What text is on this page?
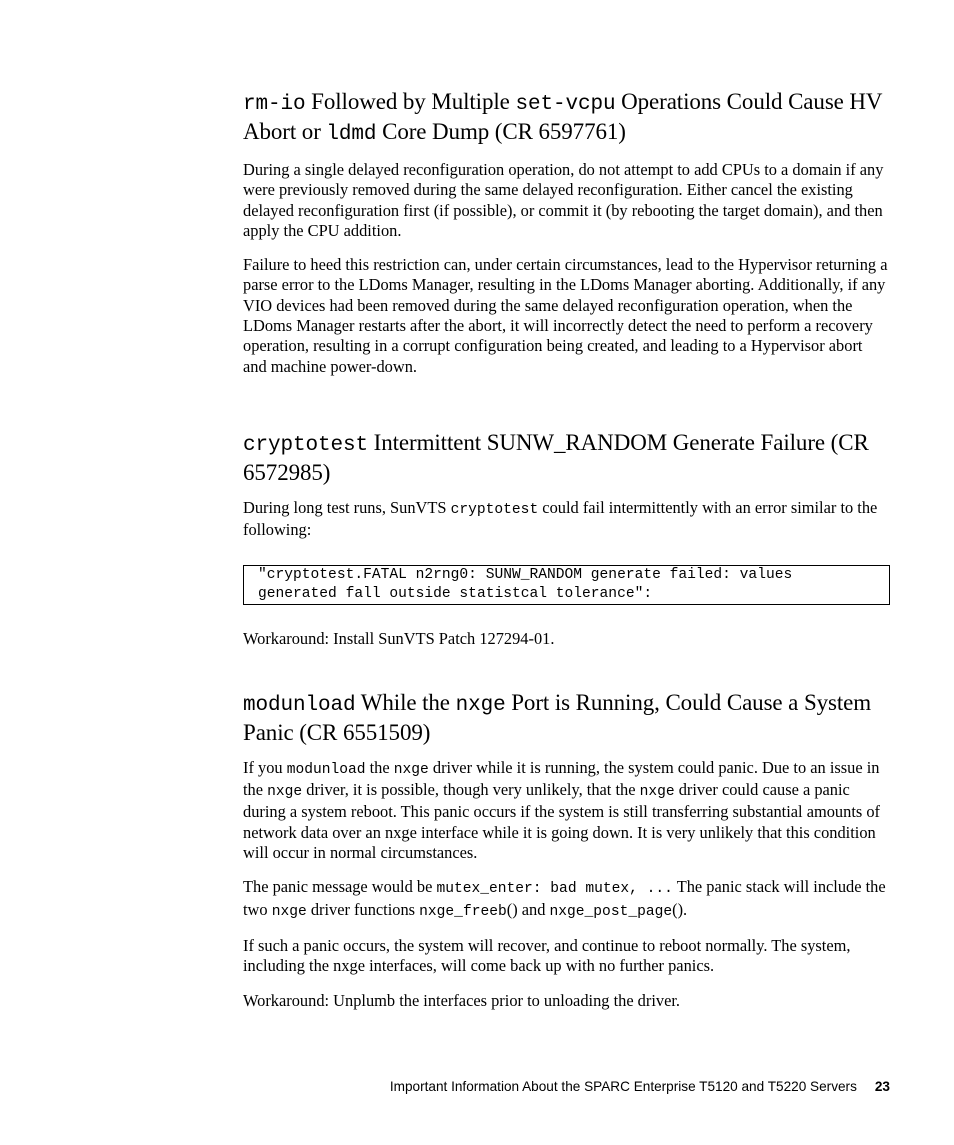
rm-io Followed by Multiple set-vcpu Operations Could Cause HV Abort or ldmd Core Dump (CR 6597761)

During a single delayed reconfiguration operation, do not attempt to add CPUs to a domain if any were previously removed during the same delayed reconfiguration. Either cancel the existing delayed reconfiguration first (if possible), or commit it (by rebooting the target domain), and then apply the CPU addition.

Failure to heed this restriction can, under certain circumstances, lead to the Hypervisor returning a parse error to the LDoms Manager, resulting in the LDoms Manager aborting. Additionally, if any VIO devices had been removed during the same delayed reconfiguration operation, when the LDoms Manager restarts after the abort, it will incorrectly detect the need to perform a recovery operation, resulting in a corrupt configuration being created, and leading to a Hypervisor abort and machine power-down.

cryptotest Intermittent SUNW_RANDOM Generate Failure (CR 6572985)

During long test runs, SunVTS cryptotest could fail intermittently with an error similar to the following:

"cryptotest.FATAL n2rng0: SUNW_RANDOM generate failed: values
generated fall outside statistcal tolerance":

Workaround: Install SunVTS Patch 127294-01.

modunload While the nxge Port is Running, Could Cause a System Panic (CR 6551509)

If you modunload the nxge driver while it is running, the system could panic. Due to an issue in the nxge driver, it is possible, though very unlikely, that the nxge driver could cause a panic during a system reboot. This panic occurs if the system is still transferring substantial amounts of network data over an nxge interface while it is going down. It is very unlikely that this condition will occur in normal circumstances.

The panic message would be mutex_enter: bad mutex, ... The panic stack will include the two nxge driver functions nxge_freeb() and nxge_post_page().

If such a panic occurs, the system will recover, and continue to reboot normally. The system, including the nxge interfaces, will come back up with no further panics.

Workaround: Unplumb the interfaces prior to unloading the driver.

Important Information About the SPARC Enterprise T5120 and T5220 Servers 23
